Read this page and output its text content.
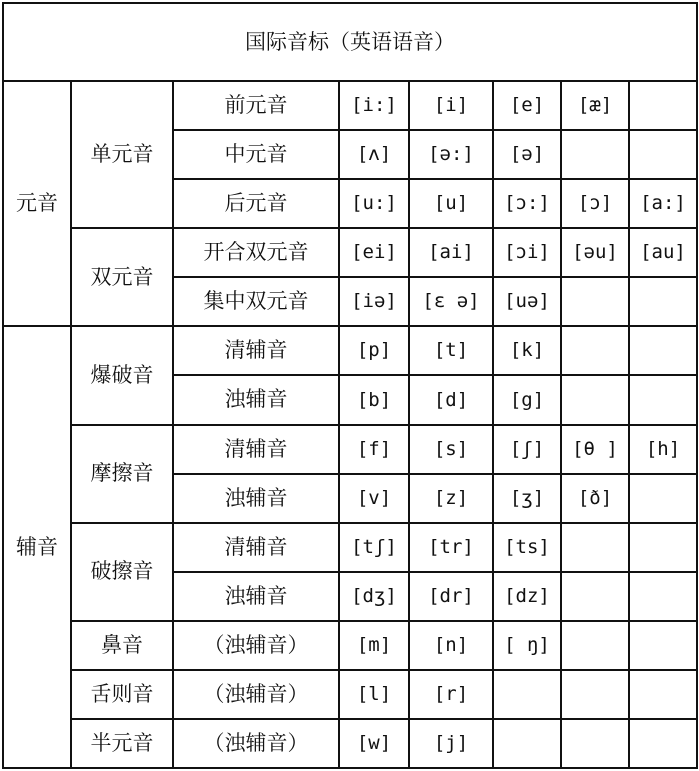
国际音标（英语语音）							
元音	单元音	前元音	[i:]	[i]	[e]	[æ]	
		中元音	[ʌ]	[ə:]	[ə]		
		后元音	[u:]	[u]	[ɔ:]	[ɔ]	[a:]
	双元音	开合双元音	[ei]	[ai]	[ɔi]	[əu]	[au]
		集中双元音	[iə]	[ɛ ə]	[uə]		
辅音	爆破音	清辅音	[p]	[t]	[k]		
		浊辅音	[b]	[d]	[g]		
	摩擦音	清辅音	[f]	[s]	[ʃ]	[θ ]	[h]
		浊辅音	[v]	[z]	[ʒ]	[ð]	
	破擦音	清辅音	[tʃ]	[tr]	[ts]		
		浊辅音	[dʒ]	[dr]	[dz]		
	鼻音	（浊辅音）	[m]	[n]	[ ŋ]		
	舌则音	（浊辅音）	[l]	[r]			
	半元音	（浊辅音）	[w]	[j]			
